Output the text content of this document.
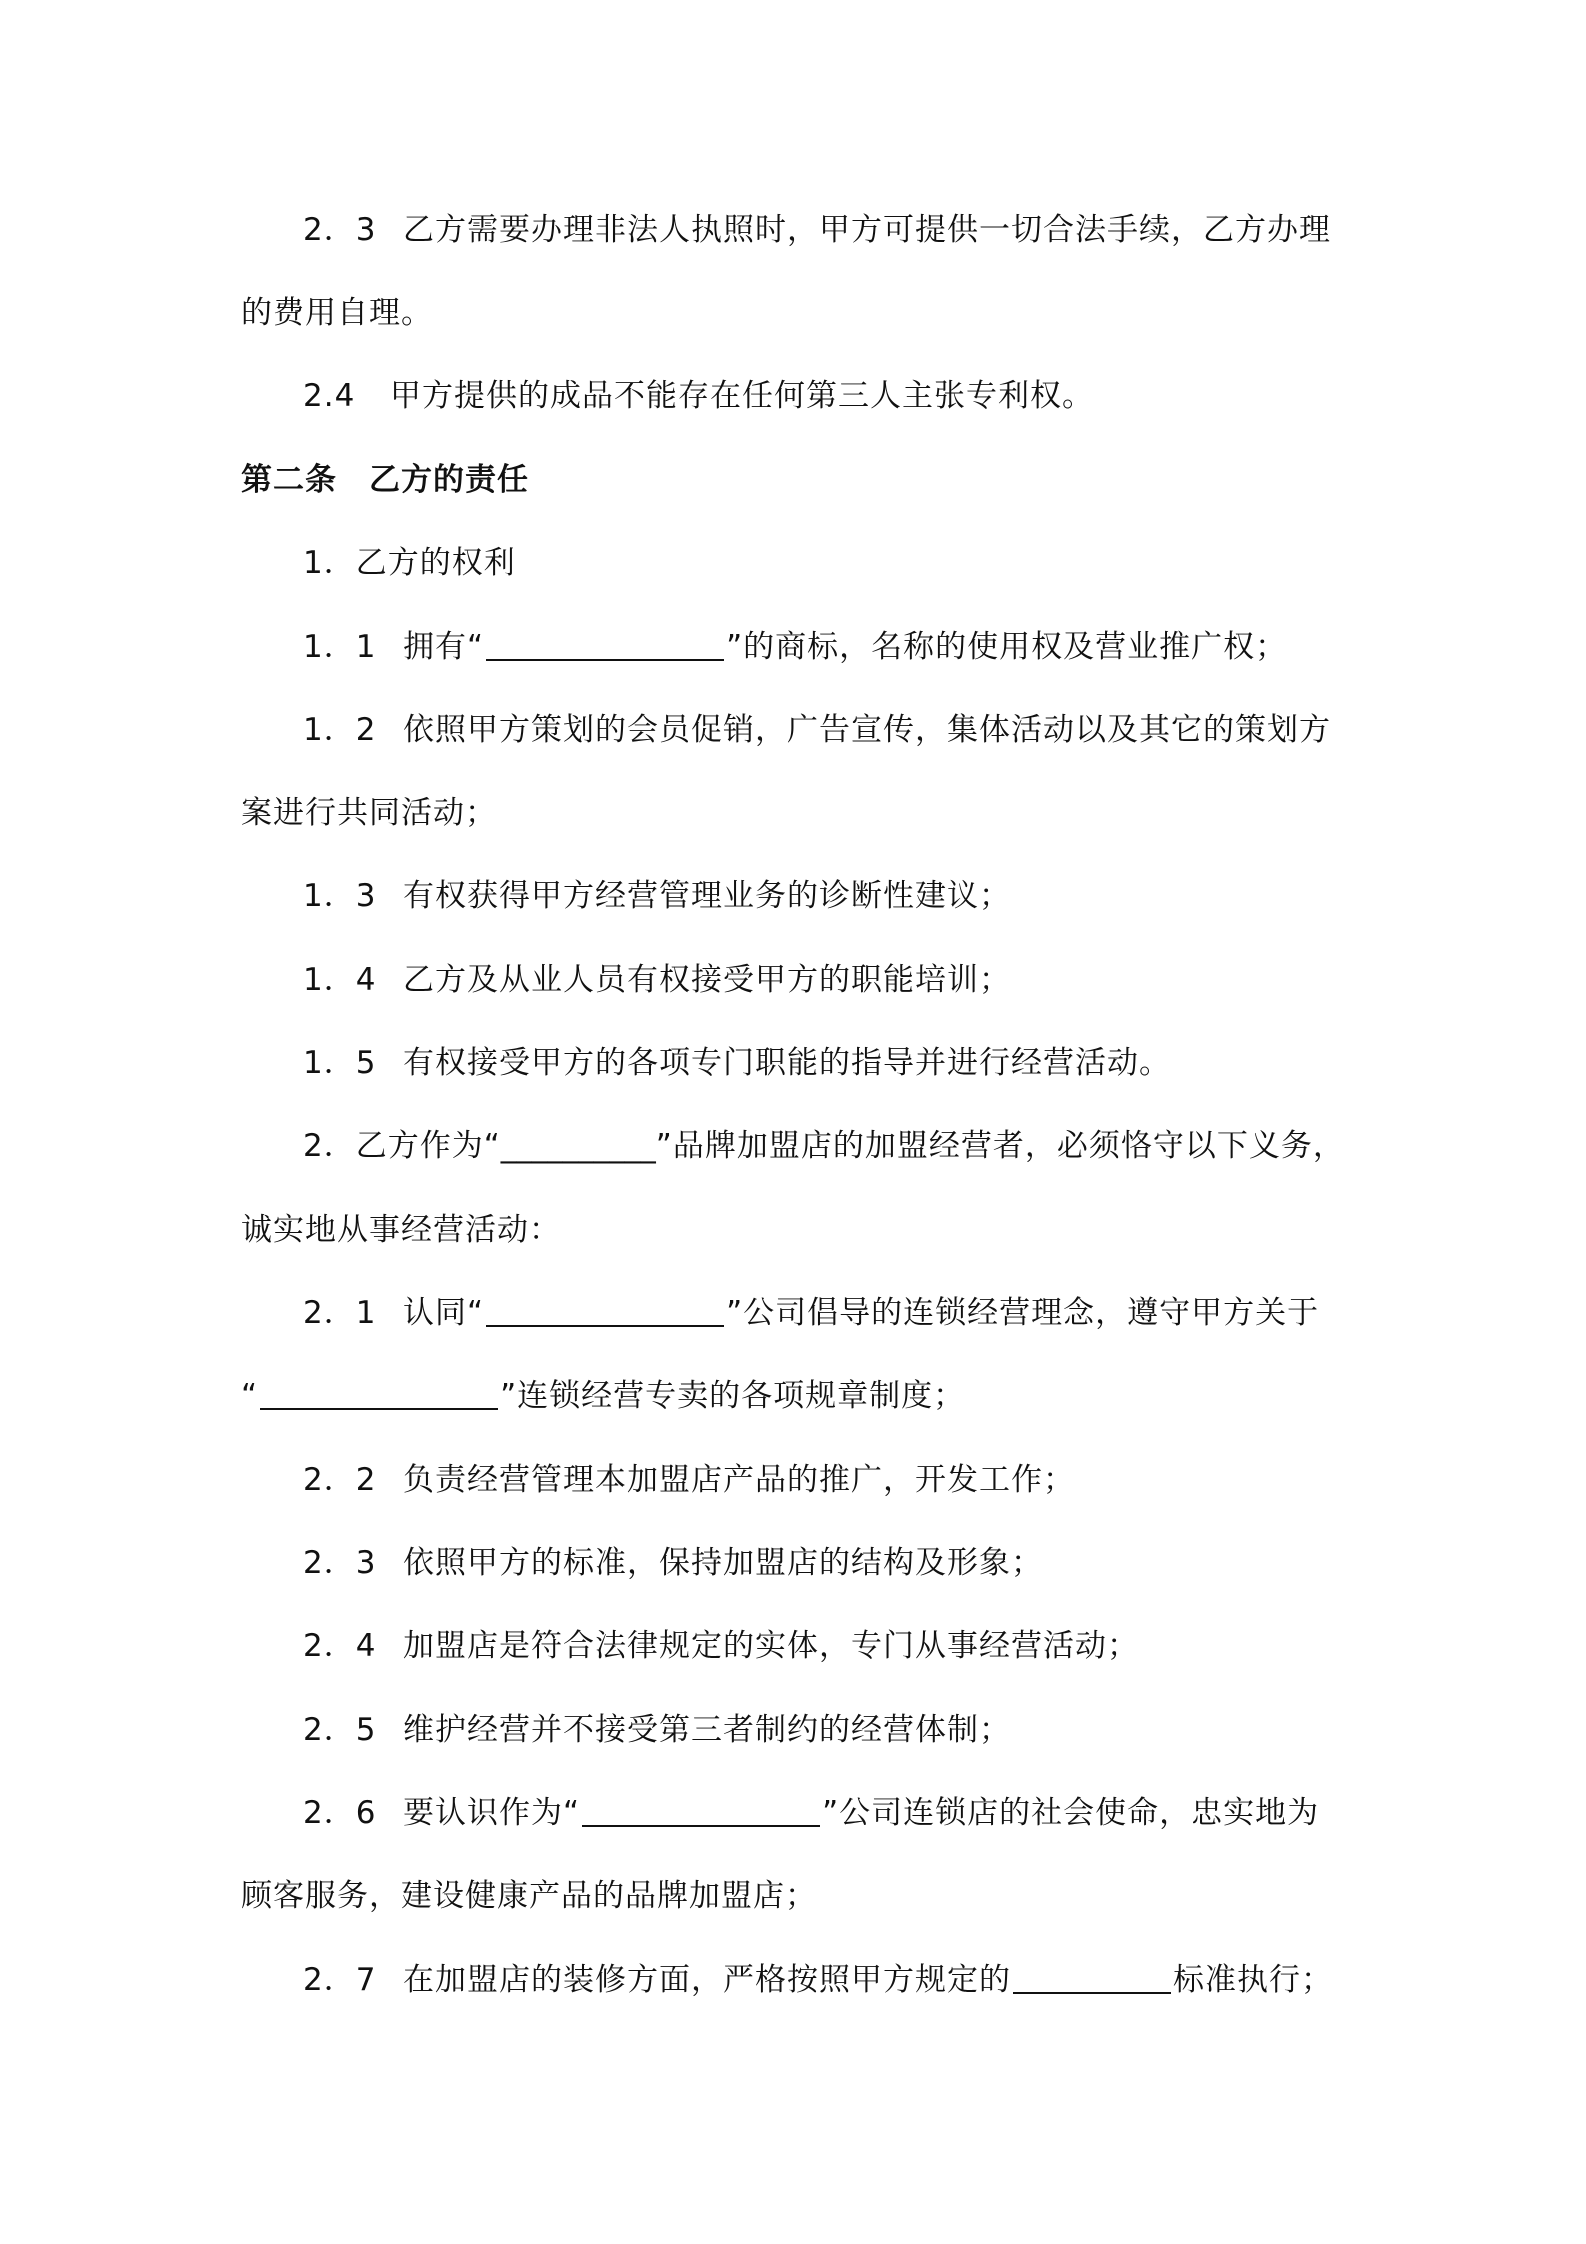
2．3 乙方需要办理非法人执照时，甲方可提供一切合法手续，乙方办理
的费用自理。
2.4 甲方提供的成品不能存在任何第三人主张专利权。
第二条 乙方的责任
1．乙方的权利
1．1 拥有“	”的商标，名称的使用权及营业推广权；
1．2 依照甲方策划的会员促销，广告宣传，集体活动以及其它的策划方
案进行共同活动；
1．3 有权获得甲方经营管理业务的诊断性建议；
1．4 乙方及从业人员有权接受甲方的职能培训；
1．5 有权接受甲方的各项专门职能的指导并进行经营活动。
2．乙方作为“__________”品牌加盟店的加盟经营者，必须恪守以下义务，
诚实地从事经营活动：
2．1 认同“	”公司倡导的连锁经营理念，遵守甲方关于
“	”连锁经营专卖的各项规章制度；
2．2 负责经营管理本加盟店产品的推广，开发工作；
2．3 依照甲方的标准，保持加盟店的结构及形象；
2．4 加盟店是符合法律规定的实体，专门从事经营活动；
2．5 维护经营并不接受第三者制约的经营体制；
2．6 要认识作为“	”公司连锁店的社会使命，忠实地为
顾客服务，建设健康产品的品牌加盟店；
2．7 在加盟店的装修方面，严格按照甲方规定的	标准执行；
